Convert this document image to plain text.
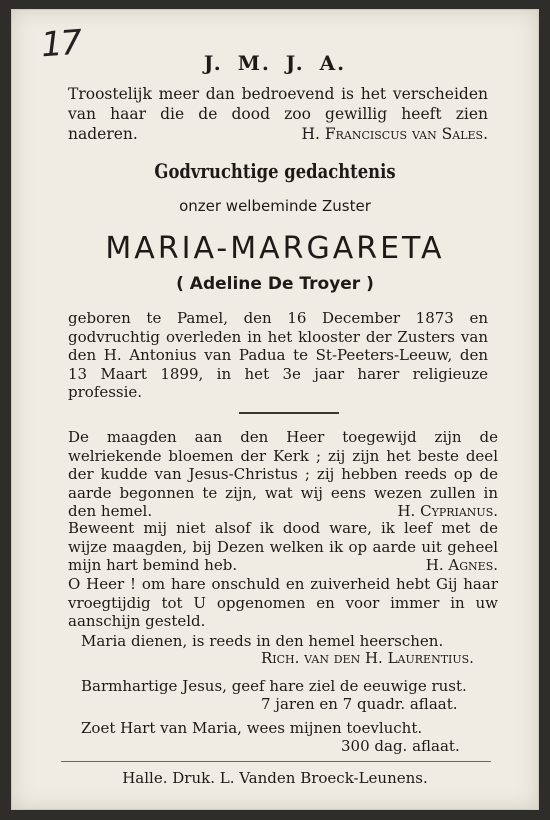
17	J. M. J. A.
Troostelijk meer dan bedroevend is het verscheiden van haar die de dood zoo gewillig heeft zien naderen.	H. Franciscus van Sales.
Godvruchtige gedachtenis
onzer welbeminde Zuster
MARIA-MARGARETA
( Adeline De Troyer )
geboren te Pamel, den 16 December 1873 en godvruchtig overleden in het klooster der Zusters van den H. Antonius van Padua te St-Peeters-Leeuw, den 13 Maart 1899, in het 3e jaar harer religieuze professie.
De maagden aan den Heer toegewijd zijn de welriekende bloemen der Kerk ; zij zijn het beste deel der kudde van Jesus-Christus ; zij hebben reeds op de aarde begonnen te zijn, wat wij eens wezen zullen in den hemel.	H. Cyprianus.
Beweent mij niet alsof ik dood ware, ik leef met de wijze maagden, bij Dezen welken ik op aarde uit geheel mijn hart bemind heb.	H. Agnes.
O Heer ! om hare onschuld en zuiverheid hebt Gij haar vroegtijdig tot U opgenomen en voor immer in uw aanschijn gesteld.
Maria dienen, is reeds in den hemel heerschen.
Rich. van den H. Laurentius.
Barmhartige Jesus, geef hare ziel de eeuwige rust.
7 jaren en 7 quadr. aflaat.
Zoet Hart van Maria, wees mijnen toevlucht.
300 dag. aflaat.
Halle. Druk. L. Vanden Broeck-Leunens.
